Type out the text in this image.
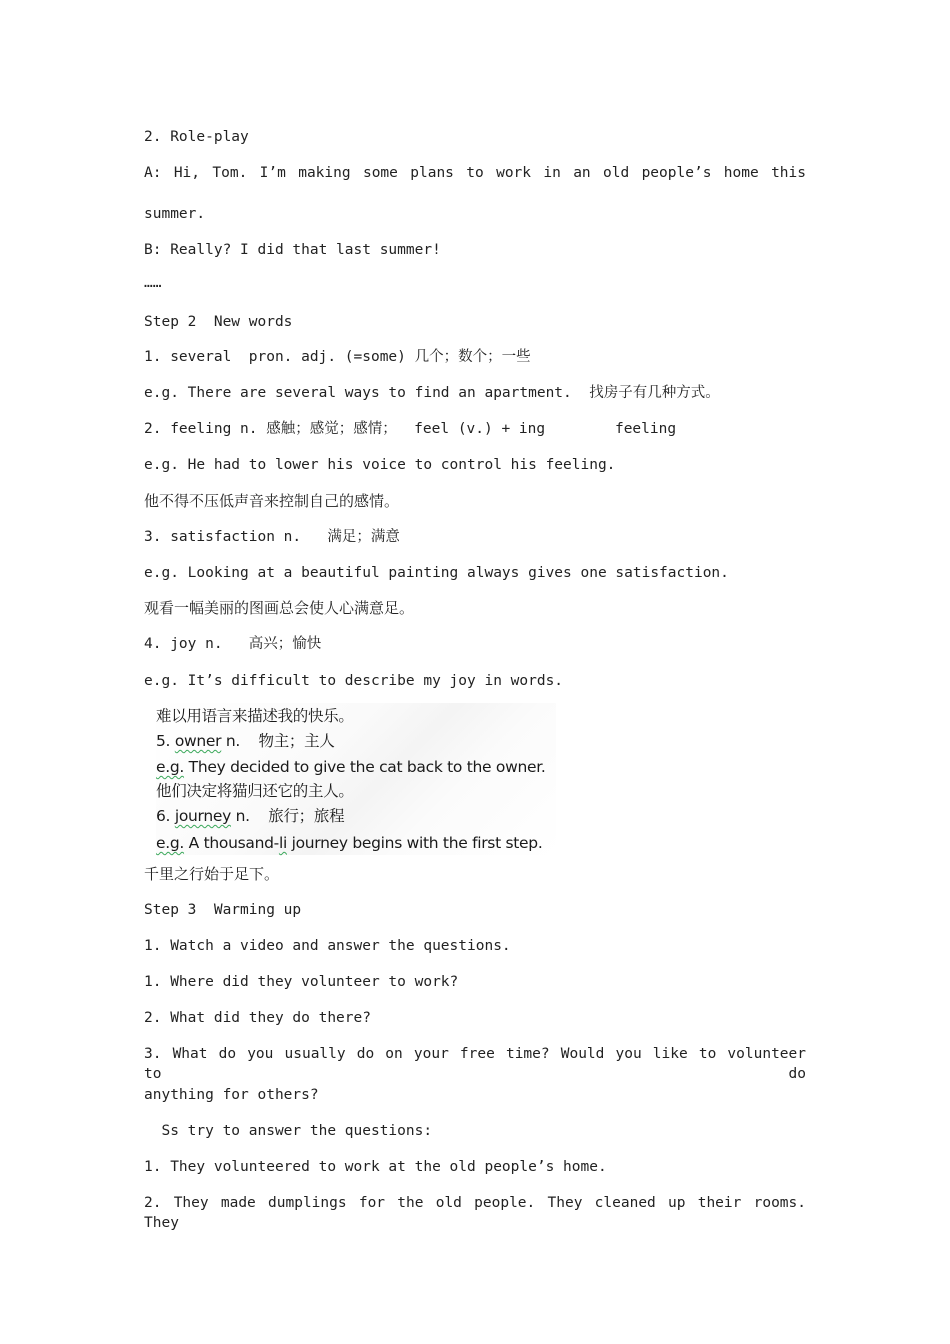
2. Role-play
A: Hi, Tom. I’m making some plans to work in an old people’s home this
summer.
B: Really? I did that last summer!
……
Step 2  New words
1. several  pron. adj. (=some) 几个；数个；一些
e.g. There are several ways to find an apartment.  找房子有几种方式。
2. feeling n. 感触；感觉；感情；  feel (v.) + ing        feeling
e.g. He had to lower his voice to control his feeling.
他不得不压低声音来控制自己的感情。
3. satisfaction n.   满足；满意
e.g. Looking at a beautiful painting always gives one satisfaction.
观看一幅美丽的图画总会使人心满意足。
4. joy n.   高兴；愉快
e.g. It’s difficult to describe my joy in words.
难以用语言来描述我的快乐。
5. owner n.    物主；主人
e.g. They decided to give the cat back to the owner.
他们决定将猫归还它的主人。
6. journey n.    旅行；旅程
e.g. A thousand-li journey begins with the first step.
千里之行始于足下。
Step 3  Warming up
1. Watch a video and answer the questions.
1. Where did they volunteer to work?
2. What did they do there?
3. What do you usually do on your free time? Would you like to volunteer to do
anything for others?
Ss try to answer the questions:
1. They volunteered to work at the old people’s home.
2. They made dumplings for the old people. They cleaned up their rooms. They
